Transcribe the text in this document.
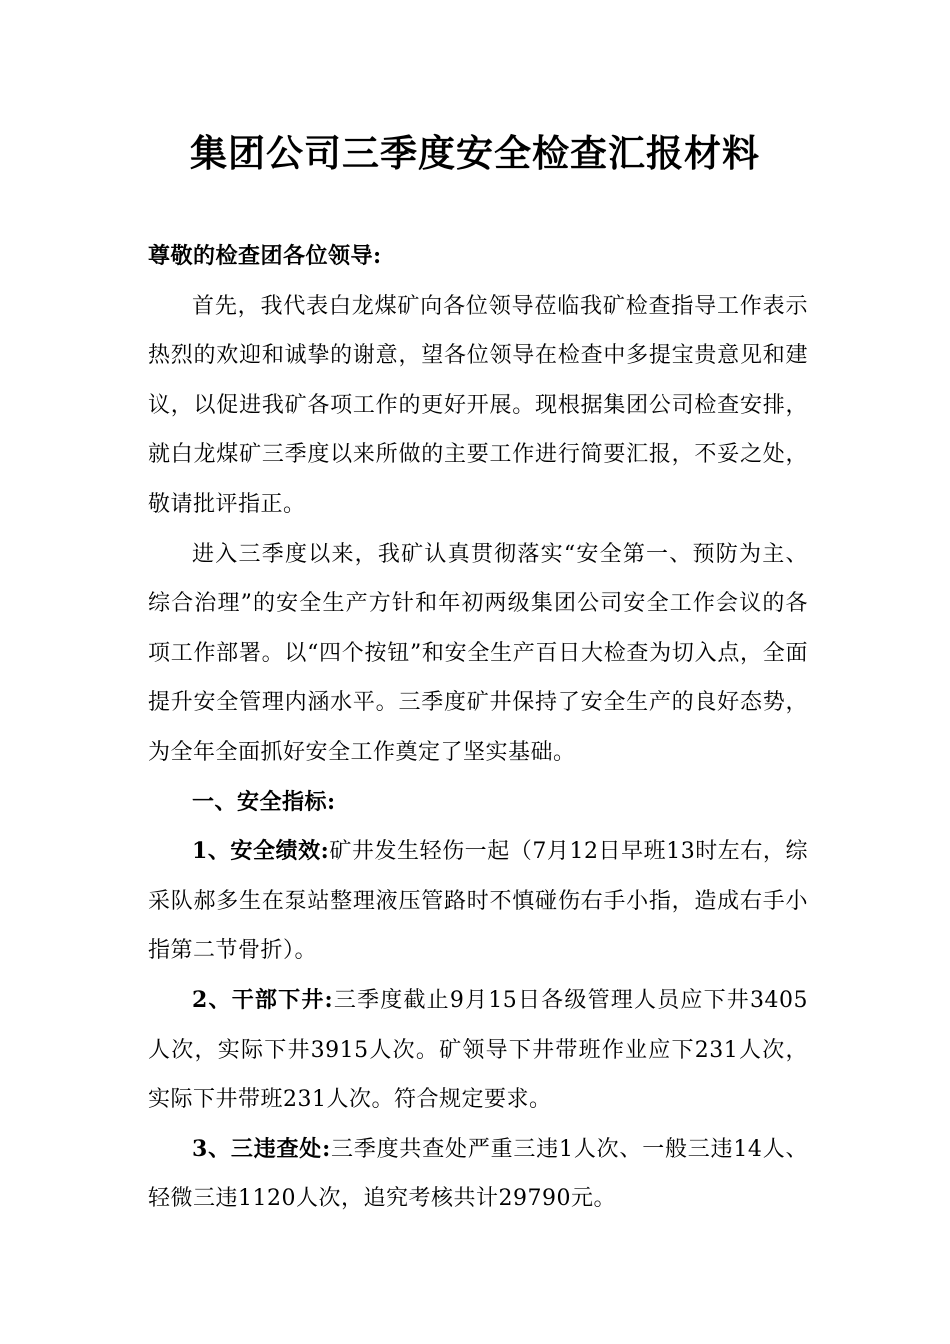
集团公司三季度安全检查汇报材料

尊敬的检查团各位领导:

首先，我代表白龙煤矿向各位领导莅临我矿检查指导工作表示热烈的欢迎和诚挚的谢意，望各位领导在检查中多提宝贵意见和建议，以促进我矿各项工作的更好开展。现根据集团公司检查安排，就白龙煤矿三季度以来所做的主要工作进行简要汇报，不妥之处，敬请批评指正。

进入三季度以来，我矿认真贯彻落实“安全第一、预防为主、综合治理”的安全生产方针和年初两级集团公司安全工作会议的各项工作部署。以“四个按钮”和安全生产百日大检查为切入点，全面提升安全管理内涵水平。三季度矿井保持了安全生产的良好态势，为全年全面抓好安全工作奠定了坚实基础。

一、安全指标:

1、安全绩效:矿井发生轻伤一起（7月12日早班13时左右，综采队郝多生在泵站整理液压管路时不慎碰伤右手小指，造成右手小指第二节骨折）。

2、干部下井:三季度截止9月15日各级管理人员应下井3405人次，实际下井3915人次。矿领导下井带班作业应下231人次，实际下井带班231人次。符合规定要求。

3、三违查处:三季度共查处严重三违1人次、一般三违14人、轻微三违1120人次，追究考核共计29790元。
